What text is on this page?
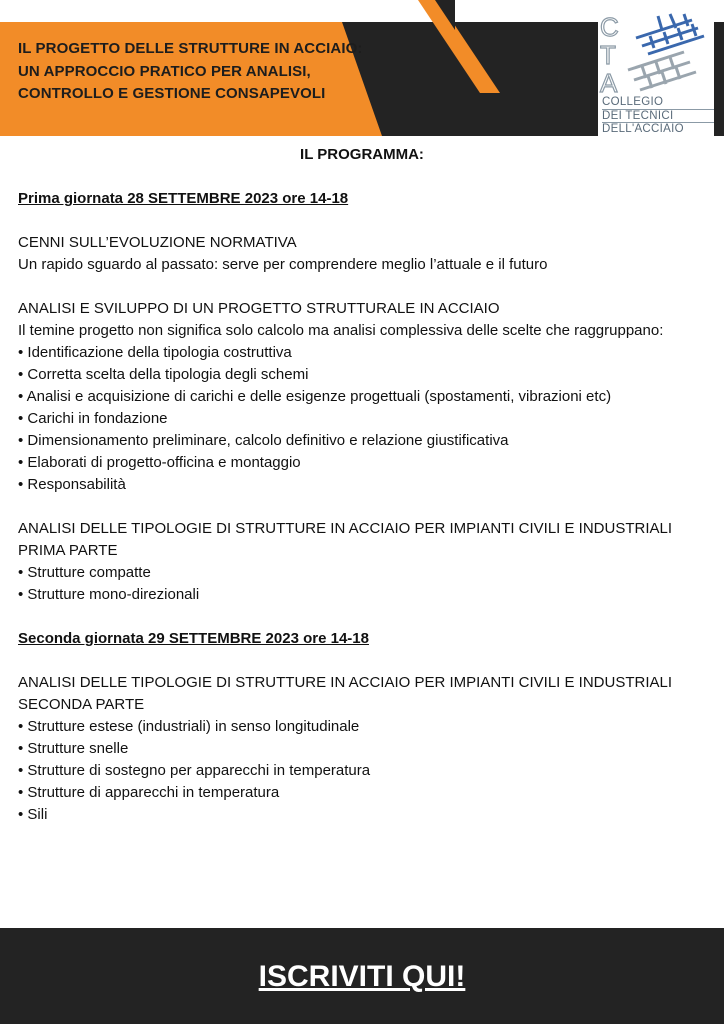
IL PROGETTO DELLE STRUTTURE IN ACCIAIO: UN APPROCCIO PRATICO PER ANALISI, CONTROLLO E GESTIONE CONSAPEVOLI
C
T
A
COLLEGIO
DEI TECNICI
DELL'ACCIAIO

IL PROGRAMMA:

Prima giornata 28 SETTEMBRE 2023 ore 14-18

CENNI SULL’EVOLUZIONE NORMATIVA

Un rapido sguardo al passato: serve per comprendere meglio l’attuale e il futuro

ANALISI E SVILUPPO DI UN PROGETTO STRUTTURALE IN ACCIAIO

Il temine progetto non significa solo calcolo ma analisi complessiva delle scelte che raggruppano:

• Identificazione della tipologia costruttiva

• Corretta scelta della tipologia degli schemi

• Analisi e acquisizione di carichi e delle esigenze progettuali (spostamenti, vibrazioni etc)

• Carichi in fondazione

• Dimensionamento preliminare, calcolo definitivo e relazione giustificativa

• Elaborati di progetto-officina e montaggio

• Responsabilità

ANALISI DELLE TIPOLOGIE DI STRUTTURE IN ACCIAIO PER IMPIANTI CIVILI E INDUSTRIALI

PRIMA PARTE

• Strutture compatte

• Strutture mono-direzionali

Seconda giornata 29 SETTEMBRE 2023 ore 14-18

ANALISI DELLE TIPOLOGIE DI STRUTTURE IN ACCIAIO PER IMPIANTI CIVILI E INDUSTRIALI

SECONDA PARTE

• Strutture estese (industriali) in senso longitudinale

• Strutture snelle

• Strutture di sostegno per apparecchi in temperatura

• Strutture di apparecchi in temperatura

• Sili

ISCRIVITI QUI!
